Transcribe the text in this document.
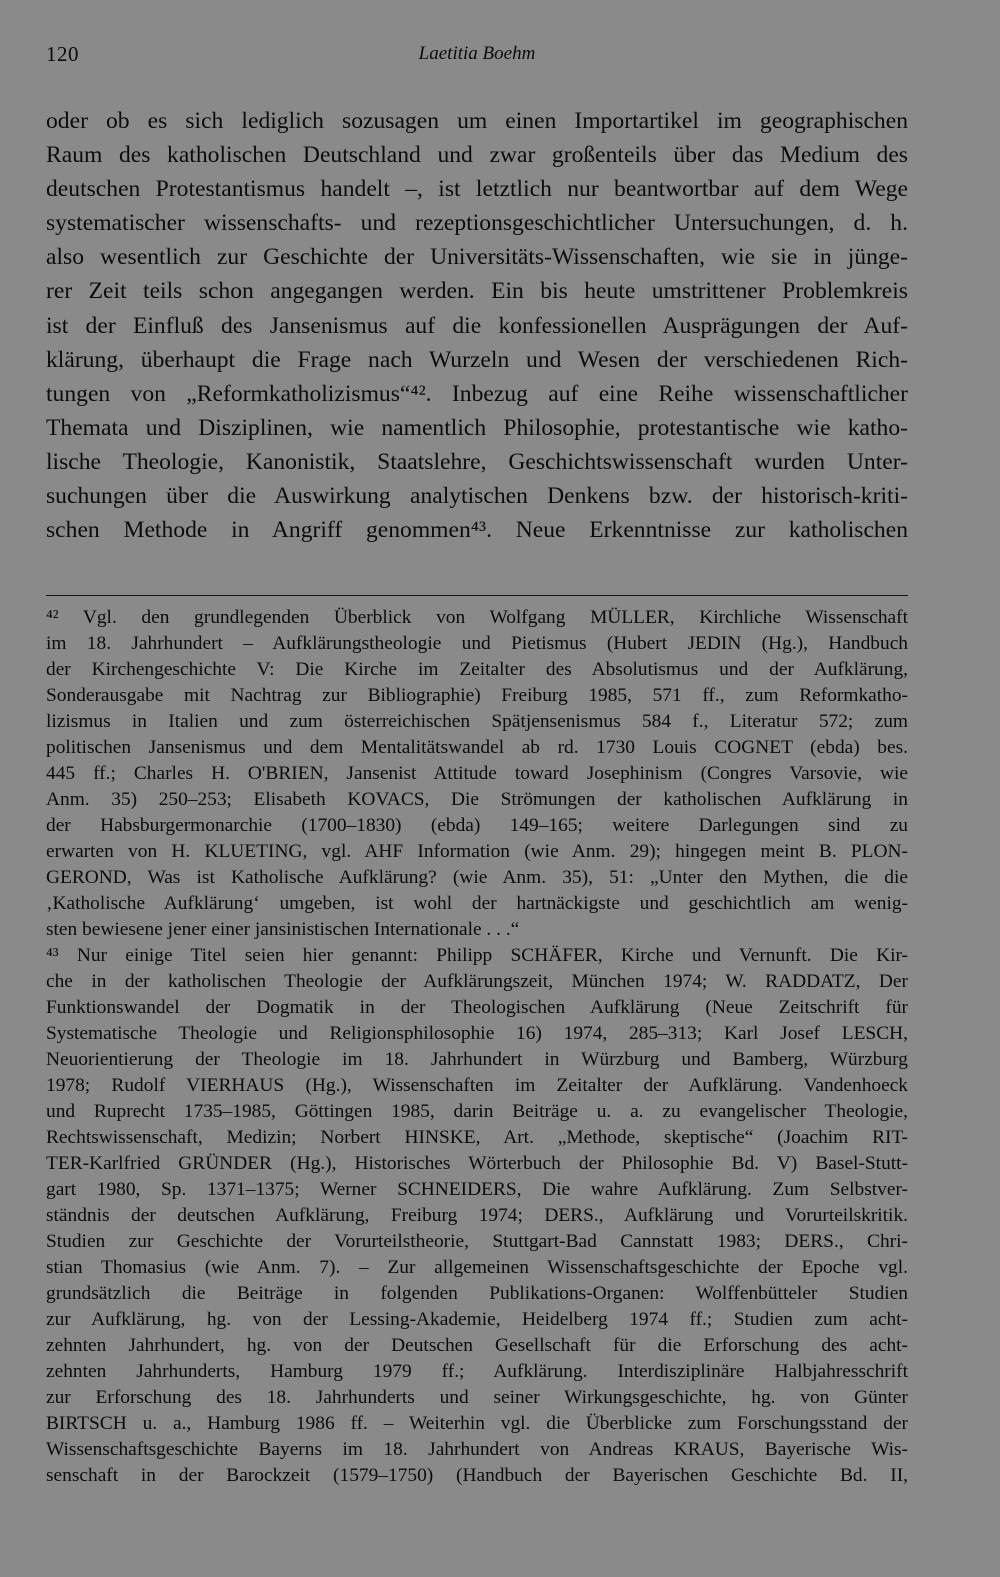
120	Laetitia Boehm
oder ob es sich lediglich sozusagen um einen Importartikel im geographischen
Raum des katholischen Deutschland und zwar großenteils über das Medium des
deutschen Protestantismus handelt –, ist letztlich nur beantwortbar auf dem Wege
systematischer wissenschafts- und rezeptionsgeschichtlicher Untersuchungen, d. h.
also wesentlich zur Geschichte der Universitäts-Wissenschaften, wie sie in jünge-
rer Zeit teils schon angegangen werden. Ein bis heute umstrittener Problemkreis
ist der Einfluß des Jansenismus auf die konfessionellen Ausprägungen der Auf-
klärung, überhaupt die Frage nach Wurzeln und Wesen der verschiedenen Rich-
tungen von „Reformkatholizismus“⁴². Inbezug auf eine Reihe wissenschaftlicher
Themata und Disziplinen, wie namentlich Philosophie, protestantische wie katho-
lische Theologie, Kanonistik, Staatslehre, Geschichtswissenschaft wurden Unter-
suchungen über die Auswirkung analytischen Denkens bzw. der historisch-kriti-
schen Methode in Angriff genommen⁴³. Neue Erkenntnisse zur katholischen
⁴² Vgl. den grundlegenden Überblick von Wolfgang MÜLLER, Kirchliche Wissenschaft
im 18. Jahrhundert – Aufklärungstheologie und Pietismus (Hubert JEDIN (Hg.), Handbuch
der Kirchengeschichte V: Die Kirche im Zeitalter des Absolutismus und der Aufklärung,
Sonderausgabe mit Nachtrag zur Bibliographie) Freiburg 1985, 571 ff., zum Reformkatho-
lizismus in Italien und zum österreichischen Spätjensenismus 584 f., Literatur 572; zum
politischen Jansenismus und dem Mentalitätswandel ab rd. 1730 Louis COGNET (ebda) bes.
445 ff.; Charles H. O'BRIEN, Jansenist Attitude toward Josephinism (Congres Varsovie, wie
Anm. 35) 250–253; Elisabeth KOVACS, Die Strömungen der katholischen Aufklärung in
der Habsburgermonarchie (1700–1830) (ebda) 149–165; weitere Darlegungen sind zu
erwarten von H. KLUETING, vgl. AHF Information (wie Anm. 29); hingegen meint B. PLON-
GEROND, Was ist Katholische Aufklärung? (wie Anm. 35), 51: „Unter den Mythen, die die
‚Katholische Aufklärung‘ umgeben, ist wohl der hartnäckigste und geschichtlich am wenig-
sten bewiesene jener einer jansinistischen Internationale . . .“
⁴³ Nur einige Titel seien hier genannt: Philipp SCHÄFER, Kirche und Vernunft. Die Kir-
che in der katholischen Theologie der Aufklärungszeit, München 1974; W. RADDATZ, Der
Funktionswandel der Dogmatik in der Theologischen Aufklärung (Neue Zeitschrift für
Systematische Theologie und Religionsphilosophie 16) 1974, 285–313; Karl Josef LESCH,
Neuorientierung der Theologie im 18. Jahrhundert in Würzburg und Bamberg, Würzburg
1978; Rudolf VIERHAUS (Hg.), Wissenschaften im Zeitalter der Aufklärung. Vandenhoeck
und Ruprecht 1735–1985, Göttingen 1985, darin Beiträge u. a. zu evangelischer Theologie,
Rechtswissenschaft, Medizin; Norbert HINSKE, Art. „Methode, skeptische“ (Joachim RIT-
TER-Karlfried GRÜNDER (Hg.), Historisches Wörterbuch der Philosophie Bd. V) Basel-Stutt-
gart 1980, Sp. 1371–1375; Werner SCHNEIDERS, Die wahre Aufklärung. Zum Selbstver-
ständnis der deutschen Aufklärung, Freiburg 1974; DERS., Aufklärung und Vorurteilskritik.
Studien zur Geschichte der Vorurteilstheorie, Stuttgart-Bad Cannstatt 1983; DERS., Chri-
stian Thomasius (wie Anm. 7). – Zur allgemeinen Wissenschaftsgeschichte der Epoche vgl.
grundsätzlich die Beiträge in folgenden Publikations-Organen: Wolffenbütteler Studien
zur Aufklärung, hg. von der Lessing-Akademie, Heidelberg 1974 ff.; Studien zum acht-
zehnten Jahrhundert, hg. von der Deutschen Gesellschaft für die Erforschung des acht-
zehnten Jahrhunderts, Hamburg 1979 ff.; Aufklärung. Interdisziplinäre Halbjahresschrift
zur Erforschung des 18. Jahrhunderts und seiner Wirkungsgeschichte, hg. von Günter
BIRTSCH u. a., Hamburg 1986 ff. – Weiterhin vgl. die Überblicke zum Forschungsstand der
Wissenschaftsgeschichte Bayerns im 18. Jahrhundert von Andreas KRAUS, Bayerische Wis-
senschaft in der Barockzeit (1579–1750) (Handbuch der Bayerischen Geschichte Bd. II,
